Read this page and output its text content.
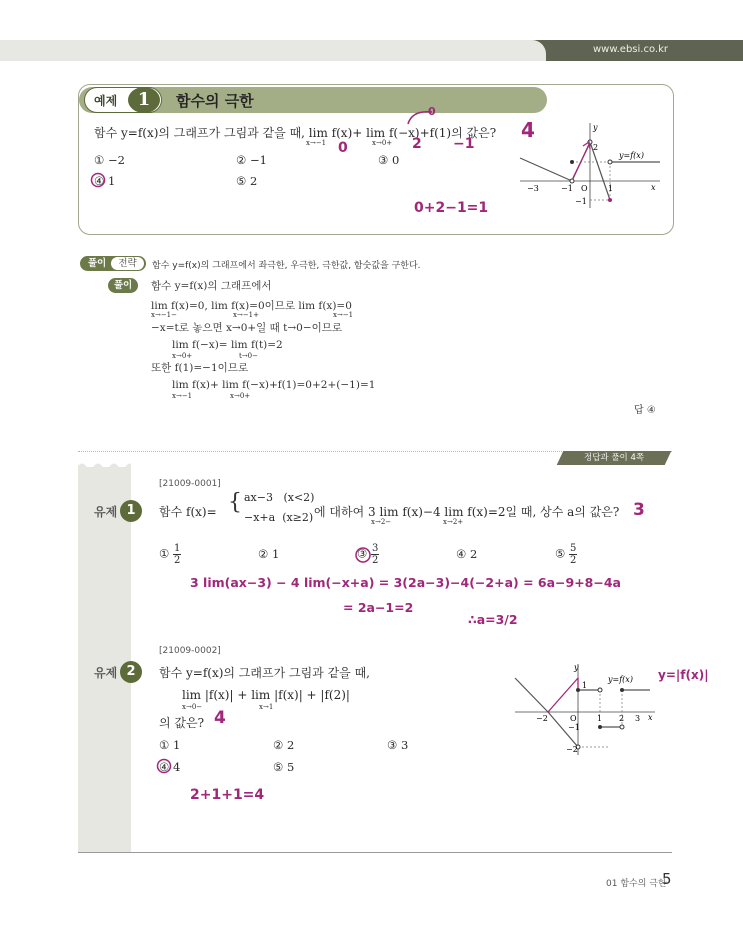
www.ebsi.co.kr
예제	1	함수의 극한
함수 y=f(x)의 그래프가 그림과 같을 때, lim f(x)+ lim f(−x)+f(1)의 값은?
x→−1	x→0+
① −2	② −1	③ 0
④ 1	⑤ 2
4
0	2 −1
0
0+2−1=1
y
x
O
y=f(x)
−3	−1	1
2
−1
풀이	전략	함수 y=f(x)의 그래프에서 좌극한, 우극한, 극한값, 함숫값을 구한다.
풀이	함수 y=f(x)의 그래프에서
lim f(x)=0, lim f(x)=0이므로 lim f(x)=0
x→−1−	x→−1+	x→−1
−x=t로 놓으면 x→0+일 때 t→0−이므로
lim f(−x)= lim f(t)=2
x→0+	t→0−
또한 f(1)=−1이므로
lim f(x)+ lim f(−x)+f(1)=0+2+(−1)=1
x→−1	x→0+
답 ④
정답과 풀이 4쪽
[21009-0001]
유제 1	함수 f(x)= { ax−3   (x<2)
−x+a  (x≥2) 에 대하여 3 lim f(x)−4 lim f(x)=2일 때, 상수 a의 값은?
x→2−	x→2+
① $\frac{1}{2}$	② 1	③ $\frac{3}{2}$	④ 2	⑤ $\frac{5}{2}$
3
3 lim(ax−3) − 4 lim(−x+a) = 3(2a−3)−4(−2+a) = 6a−9+8−4a
= 2a−1=2
∴a=3/2
[21009-0002]
유제 2	함수 y=f(x)의 그래프가 그림과 같을 때,
lim |f(x)| + lim |f(x)| + |f(2)|
x→0−	x→1
의 값은? 4
① 1	② 2	③ 3
④ 4	⑤ 5
2+1+1=4
y
x
y=f(x)
−2	O	1 2 3
1
−1
−2
y=|f(x)|
01 함수의 극한
5
